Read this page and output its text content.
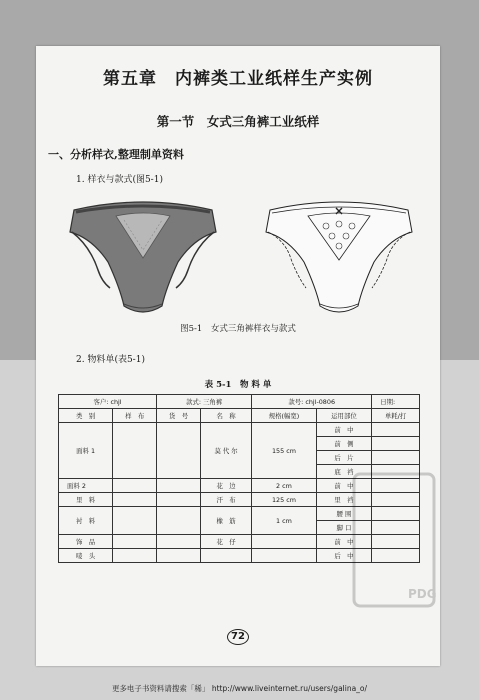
第五章　内裤类工业纸样生产实例
第一节　女式三角裤工业纸样
一、分析样衣,整理制单资料
1. 样衣与款式(图5-1)
图5-1　女式三角裤样衣与款式
2. 物料单(表5-1)
表 5-1　物 料 单
客户: chjl		款式: 三角裤		款号: chjl-0806		日期:
类　别	样　布	货　号	名　称	规格(幅宽)	运用部位	单耗/打
面料 1			莫 代 尔	155 cm	前　中	
					前　侧	
					后　片	
					底　裆	
面料 2			花　边	2 cm	前　中	
里　料			汗　布	125 cm	里　裆	
衬　料			橡　筋	1 cm	腰 围	
					脚 口	
饰　品			花　仔		前　中	
唛　头					后　中	
72
PDG
更多电子书资料请搜索「稀」 http://www.liveinternet.ru/users/galina_o/
